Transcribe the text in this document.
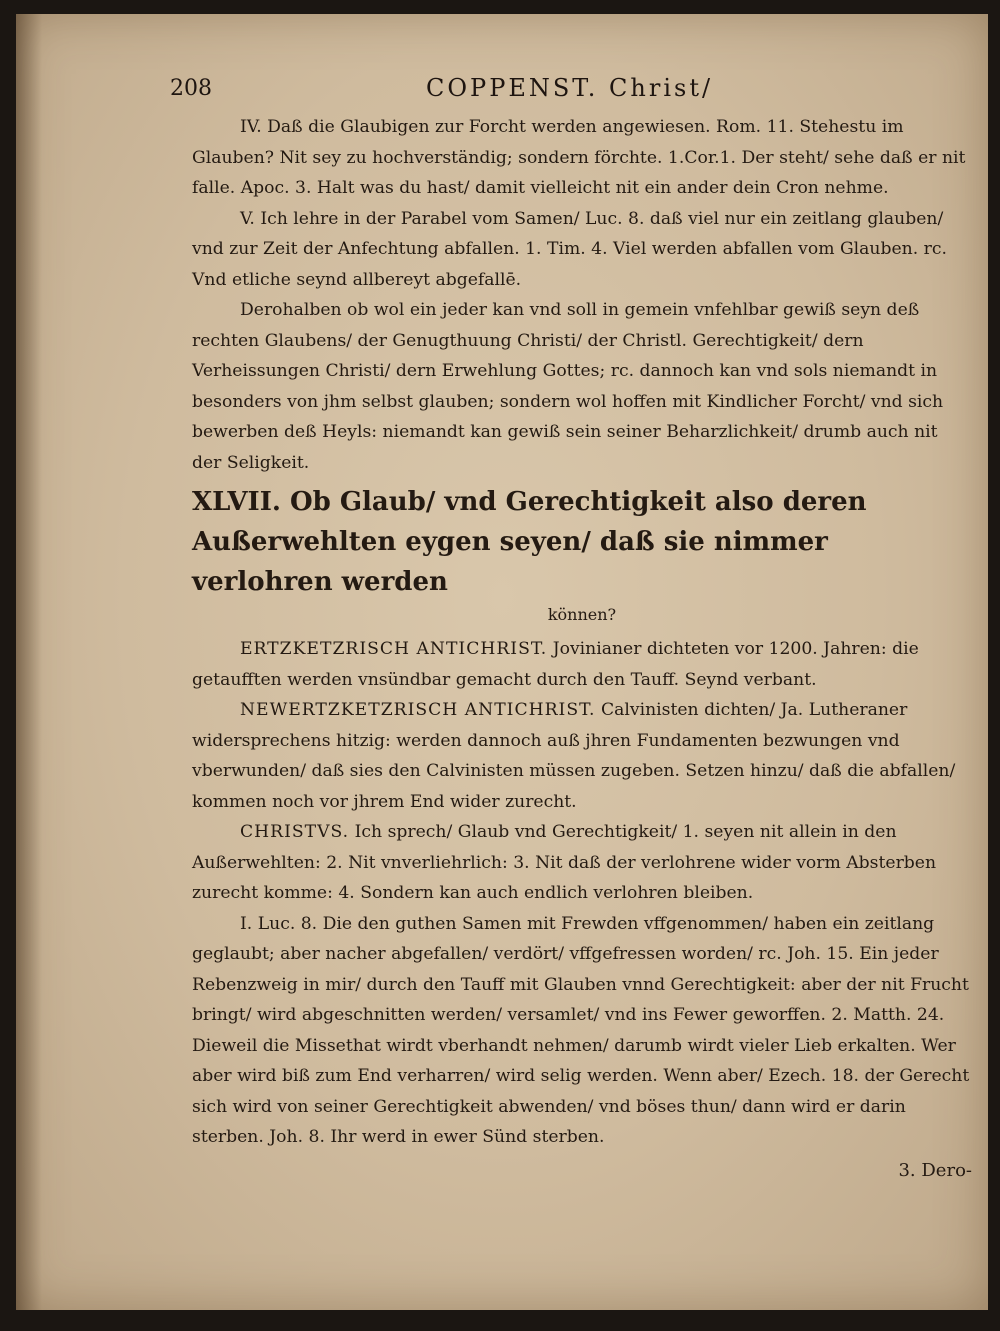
208	COPPENST. Christ/

IV. Daß die Glaubigen zur Forcht werden angewiesen. Rom. 11. Stehestu im Glauben? Nit sey zu hochverständig; sondern förchte. 1.Cor.1. Der steht/ sehe daß er nit falle. Apoc. 3. Halt was du hast/ damit vielleicht nit ein ander dein Cron nehme.

V. Ich lehre in der Parabel vom Samen/ Luc. 8. daß viel nur ein zeitlang glauben/ vnd zur Zeit der Anfechtung abfallen. 1. Tim. 4. Viel werden abfallen vom Glauben. rc. Vnd etliche seynd allbereyt abgefallē.

Derohalben ob wol ein jeder kan vnd soll in gemein vnfehlbar gewiß seyn deß rechten Glaubens/ der Genugthuung Christi/ der Christl. Gerechtigkeit/ dern Verheissungen Christi/ dern Erwehlung Gottes; rc. dannoch kan vnd sols niemandt in besonders von jhm selbst glauben; sondern wol hoffen mit Kindlicher Forcht/ vnd sich bewerben deß Heyls: niemandt kan gewiß sein seiner Beharzlichkeit/ drumb auch nit der Seligkeit.

XLVII. Ob Glaub/ vnd Gerechtigkeit also deren Außerwehlten eygen seyen/ daß sie nimmer verlohren werden

können?

ERTZKETZRISCH ANTICHRIST. Jovinianer dichteten vor 1200. Jahren: die getaufften werden vnsündbar gemacht durch den Tauff. Seynd verbant.

NEWERTZKETZRISCH ANTICHRIST. Calvinisten dichten/ Ja. Lutheraner widersprechens hitzig: werden dannoch auß jhren Fundamenten bezwungen vnd vberwunden/ daß sies den Calvinisten müssen zugeben. Setzen hinzu/ daß die abfallen/ kommen noch vor jhrem End wider zurecht.

CHRISTVS. Ich sprech/ Glaub vnd Gerechtigkeit/ 1. seyen nit allein in den Außerwehlten: 2. Nit vnverliehrlich: 3. Nit daß der verlohrene wider vorm Absterben zurecht komme: 4. Sondern kan auch endlich verlohren bleiben.

I. Luc. 8. Die den guthen Samen mit Frewden vffgenommen/ haben ein zeitlang geglaubt; aber nacher abgefallen/ verdört/ vffgefressen worden/ rc. Joh. 15. Ein jeder Rebenzweig in mir/ durch den Tauff mit Glauben vnnd Gerechtigkeit: aber der nit Frucht bringt/ wird abgeschnitten werden/ versamlet/ vnd ins Fewer geworffen. 2. Matth. 24. Dieweil die Missethat wirdt vberhandt nehmen/ darumb wirdt vieler Lieb erkalten. Wer aber wird biß zum End verharren/ wird selig werden. Wenn aber/ Ezech. 18. der Gerecht sich wird von seiner Gerechtigkeit abwenden/ vnd böses thun/ dann wird er darin sterben. Joh. 8. Ihr werd in ewer Sünd sterben.

3. Dero-
